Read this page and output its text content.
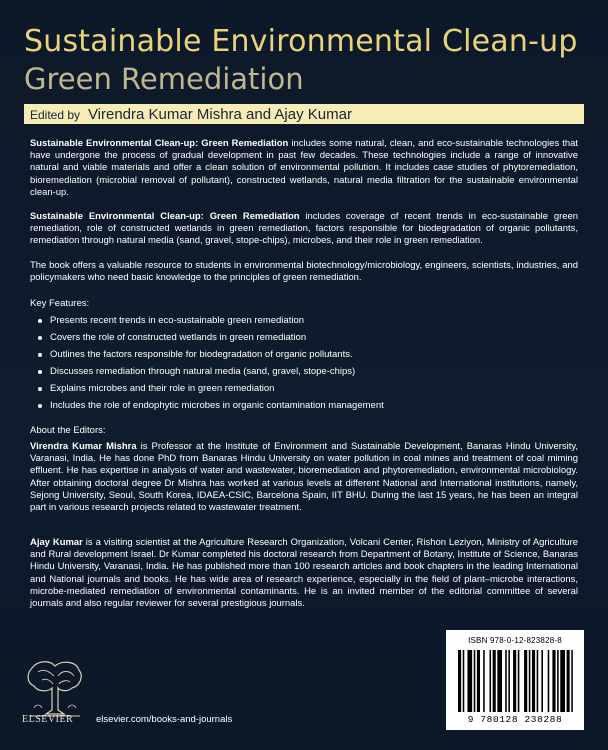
Sustainable Environmental Clean-up
Green Remediation
Edited by Virendra Kumar Mishra and Ajay Kumar

Sustainable Environmental Clean-up: Green Remediation includes some natural, clean, and eco-sustainable technologies that have undergone the process of gradual development in past few decades. These technologies include a range of innovative natural and viable materials and offer a clean solution of environmental pollution. It includes case studies of phytoremediation, bioremediation (microbial removal of pollutant), constructed wetlands, natural media filtration for the sustainable environmental clean-up.

Sustainable Environmental Clean-up: Green Remediation includes coverage of recent trends in eco-sustainable green remediation, role of constructed wetlands in green remediation, factors responsible for biodegradation of organic pollutants, remediation through natural media (sand, gravel, stope-chips), microbes, and their role in green remediation.

The book offers a valuable resource to students in environmental biotechnology/microbiology, engineers, scientists, industries, and policymakers who need basic knowledge to the principles of green remediation.

Key Features:
Presents recent trends in eco-sustainable green remediation
Covers the role of constructed wetlands in green remediation
Outlines the factors responsible for biodegradation of organic pollutants.
Discusses remediation through natural media (sand, gravel, stope-chips)
Explains microbes and their role in green remediation
Includes the role of endophytic microbes in organic contamination management
About the Editors:

Virendra Kumar Mishra is Professor at the Institute of Environment and Sustainable Development, Banaras Hindu University, Varanasi, India. He has done PhD from Banaras Hindu University on water pollution in coal mines and treatment of coal miming effluent. He has expertise in analysis of water and wastewater, bioremediation and phytoremediation, environmental microbiology. After obtaining doctoral degree Dr Mishra has worked at various levels at different National and International institutions, namely, Sejong University, Seoul, South Korea, IDAEA-CSIC, Barcelona Spain, IIT BHU. During the last 15 years, he has been an integral part in various research projects related to wastewater treatment.

Ajay Kumar is a visiting scientist at the Agriculture Research Organization, Volcani Center, Rishon Leziyon, Ministry of Agriculture and Rural development Israel. Dr Kumar completed his doctoral research from Department of Botany, Institute of Science, Banaras Hindu University, Varanasi, India. He has published more than 100 research articles and book chapters in the leading International and National journals and books. He has wide area of research experience, especially in the field of plant–microbe interactions, microbe-mediated remediation of environmental contaminants. He is an invited member of the editorial committee of several journals and also regular reviewer for several prestigious journals.

ISBN 978-0-12-823828-8
9 780128 238288
ELSEVIER elsevier.com/books-and-journals
